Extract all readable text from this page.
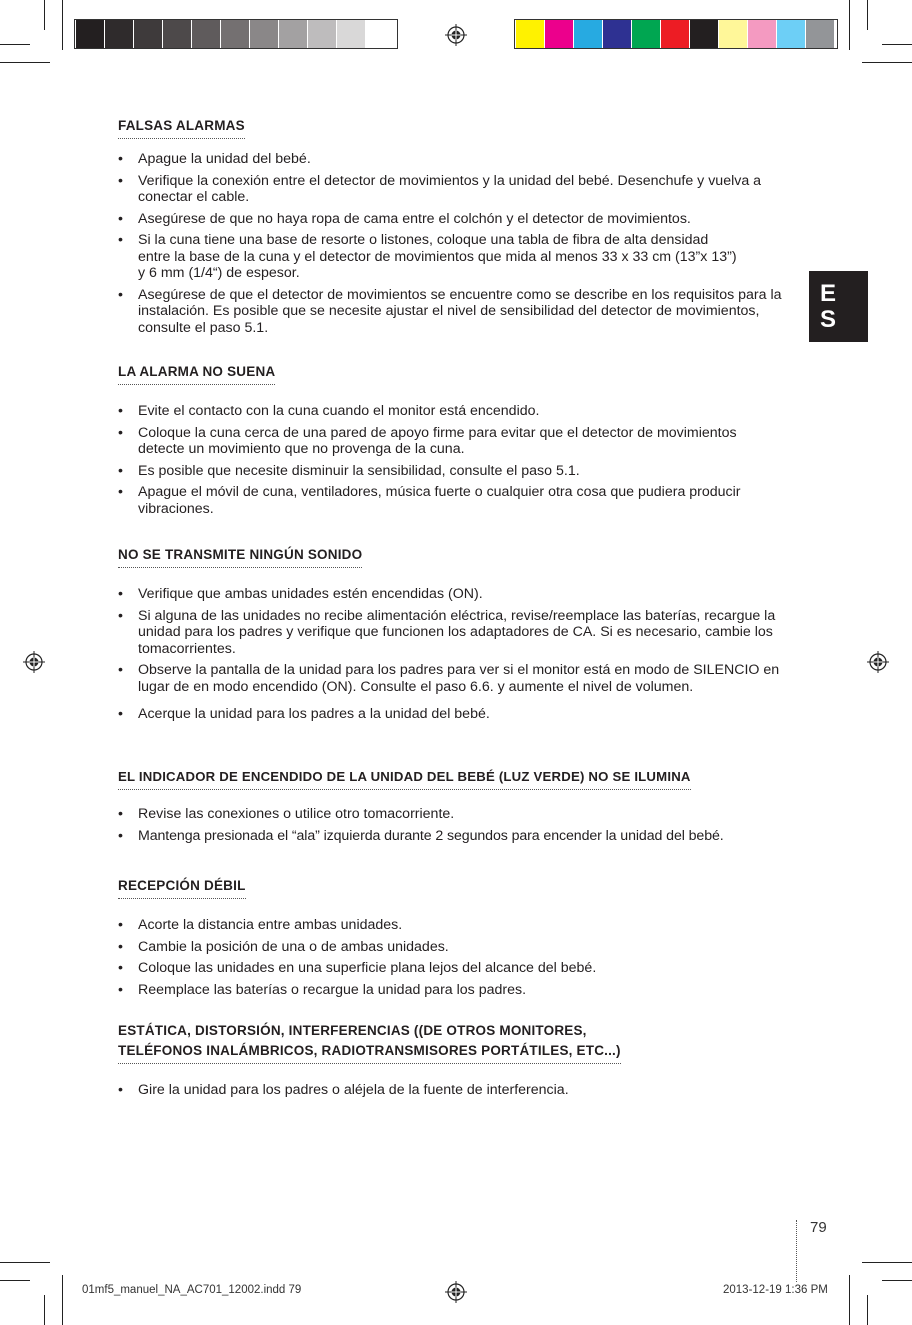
E
S
FALSAS ALARMAS
• Apague la unidad del bebé.
• Verifique la conexión entre el detector de movimientos y la unidad del bebé. Desenchufe y vuelva a conectar el cable.
• Asegúrese de que no haya ropa de cama entre el colchón y el detector de movimientos.
• Si la cuna tiene una base de resorte o listones, coloque una tabla de fibra de alta densidad entre la base de la cuna y el detector de movimientos que mida al menos 33 x 33 cm (13”x 13”) y 6 mm (1/4“) de espesor.
• Asegúrese de que el detector de movimientos se encuentre como se describe en los requisitos para la instalación. Es posible que se necesite ajustar el nivel de sensibilidad del detector de movimientos, consulte el paso 5.1.
LA ALARMA NO SUENA
• Evite el contacto con la cuna cuando el monitor está encendido.
• Coloque la cuna cerca de una pared de apoyo firme para evitar que el detector de movimientos detecte un movimiento que no provenga de la cuna.
• Es posible que necesite disminuir la sensibilidad, consulte el paso 5.1.
• Apague el móvil de cuna, ventiladores, música fuerte o cualquier otra cosa que pudiera producir vibraciones.
NO SE TRANSMITE NINGÚN SONIDO
• Verifique que ambas unidades estén encendidas (ON).
• Si alguna de las unidades no recibe alimentación eléctrica, revise/reemplace las baterías, recargue la unidad para los padres y verifique que funcionen los adaptadores de CA. Si es necesario, cambie los tomacorrientes.
• Observe la pantalla de la unidad para los padres para ver si el monitor está en modo de SILENCIO en lugar de en modo encendido (ON). Consulte el paso 6.6. y aumente el nivel de volumen.
• Acerque la unidad para los padres a la unidad del bebé.
EL INDICADOR DE ENCENDIDO DE LA UNIDAD DEL BEBÉ (LUZ VERDE) NO SE ILUMINA
• Revise las conexiones o utilice otro tomacorriente.
• Mantenga presionada el “ala” izquierda durante 2 segundos para encender la unidad del bebé.
RECEPCIÓN DÉBIL
• Acorte la distancia entre ambas unidades.
• Cambie la posición de una o de ambas unidades.
• Coloque las unidades en una superficie plana lejos del alcance del bebé.
• Reemplace las baterías o recargue la unidad para los padres.
ESTÁTICA, DISTORSIÓN, INTERFERENCIAS ((DE OTROS MONITORES,
TELÉFONOS INALÁMBRICOS, RADIOTRANSMISORES PORTÁTILES, ETC...)
• Gire la unidad para los padres o aléjela de la fuente de interferencia.
79
01mf5_manuel_NA_AC701_12002.indd 79	2013-12-19 1:36 PM
